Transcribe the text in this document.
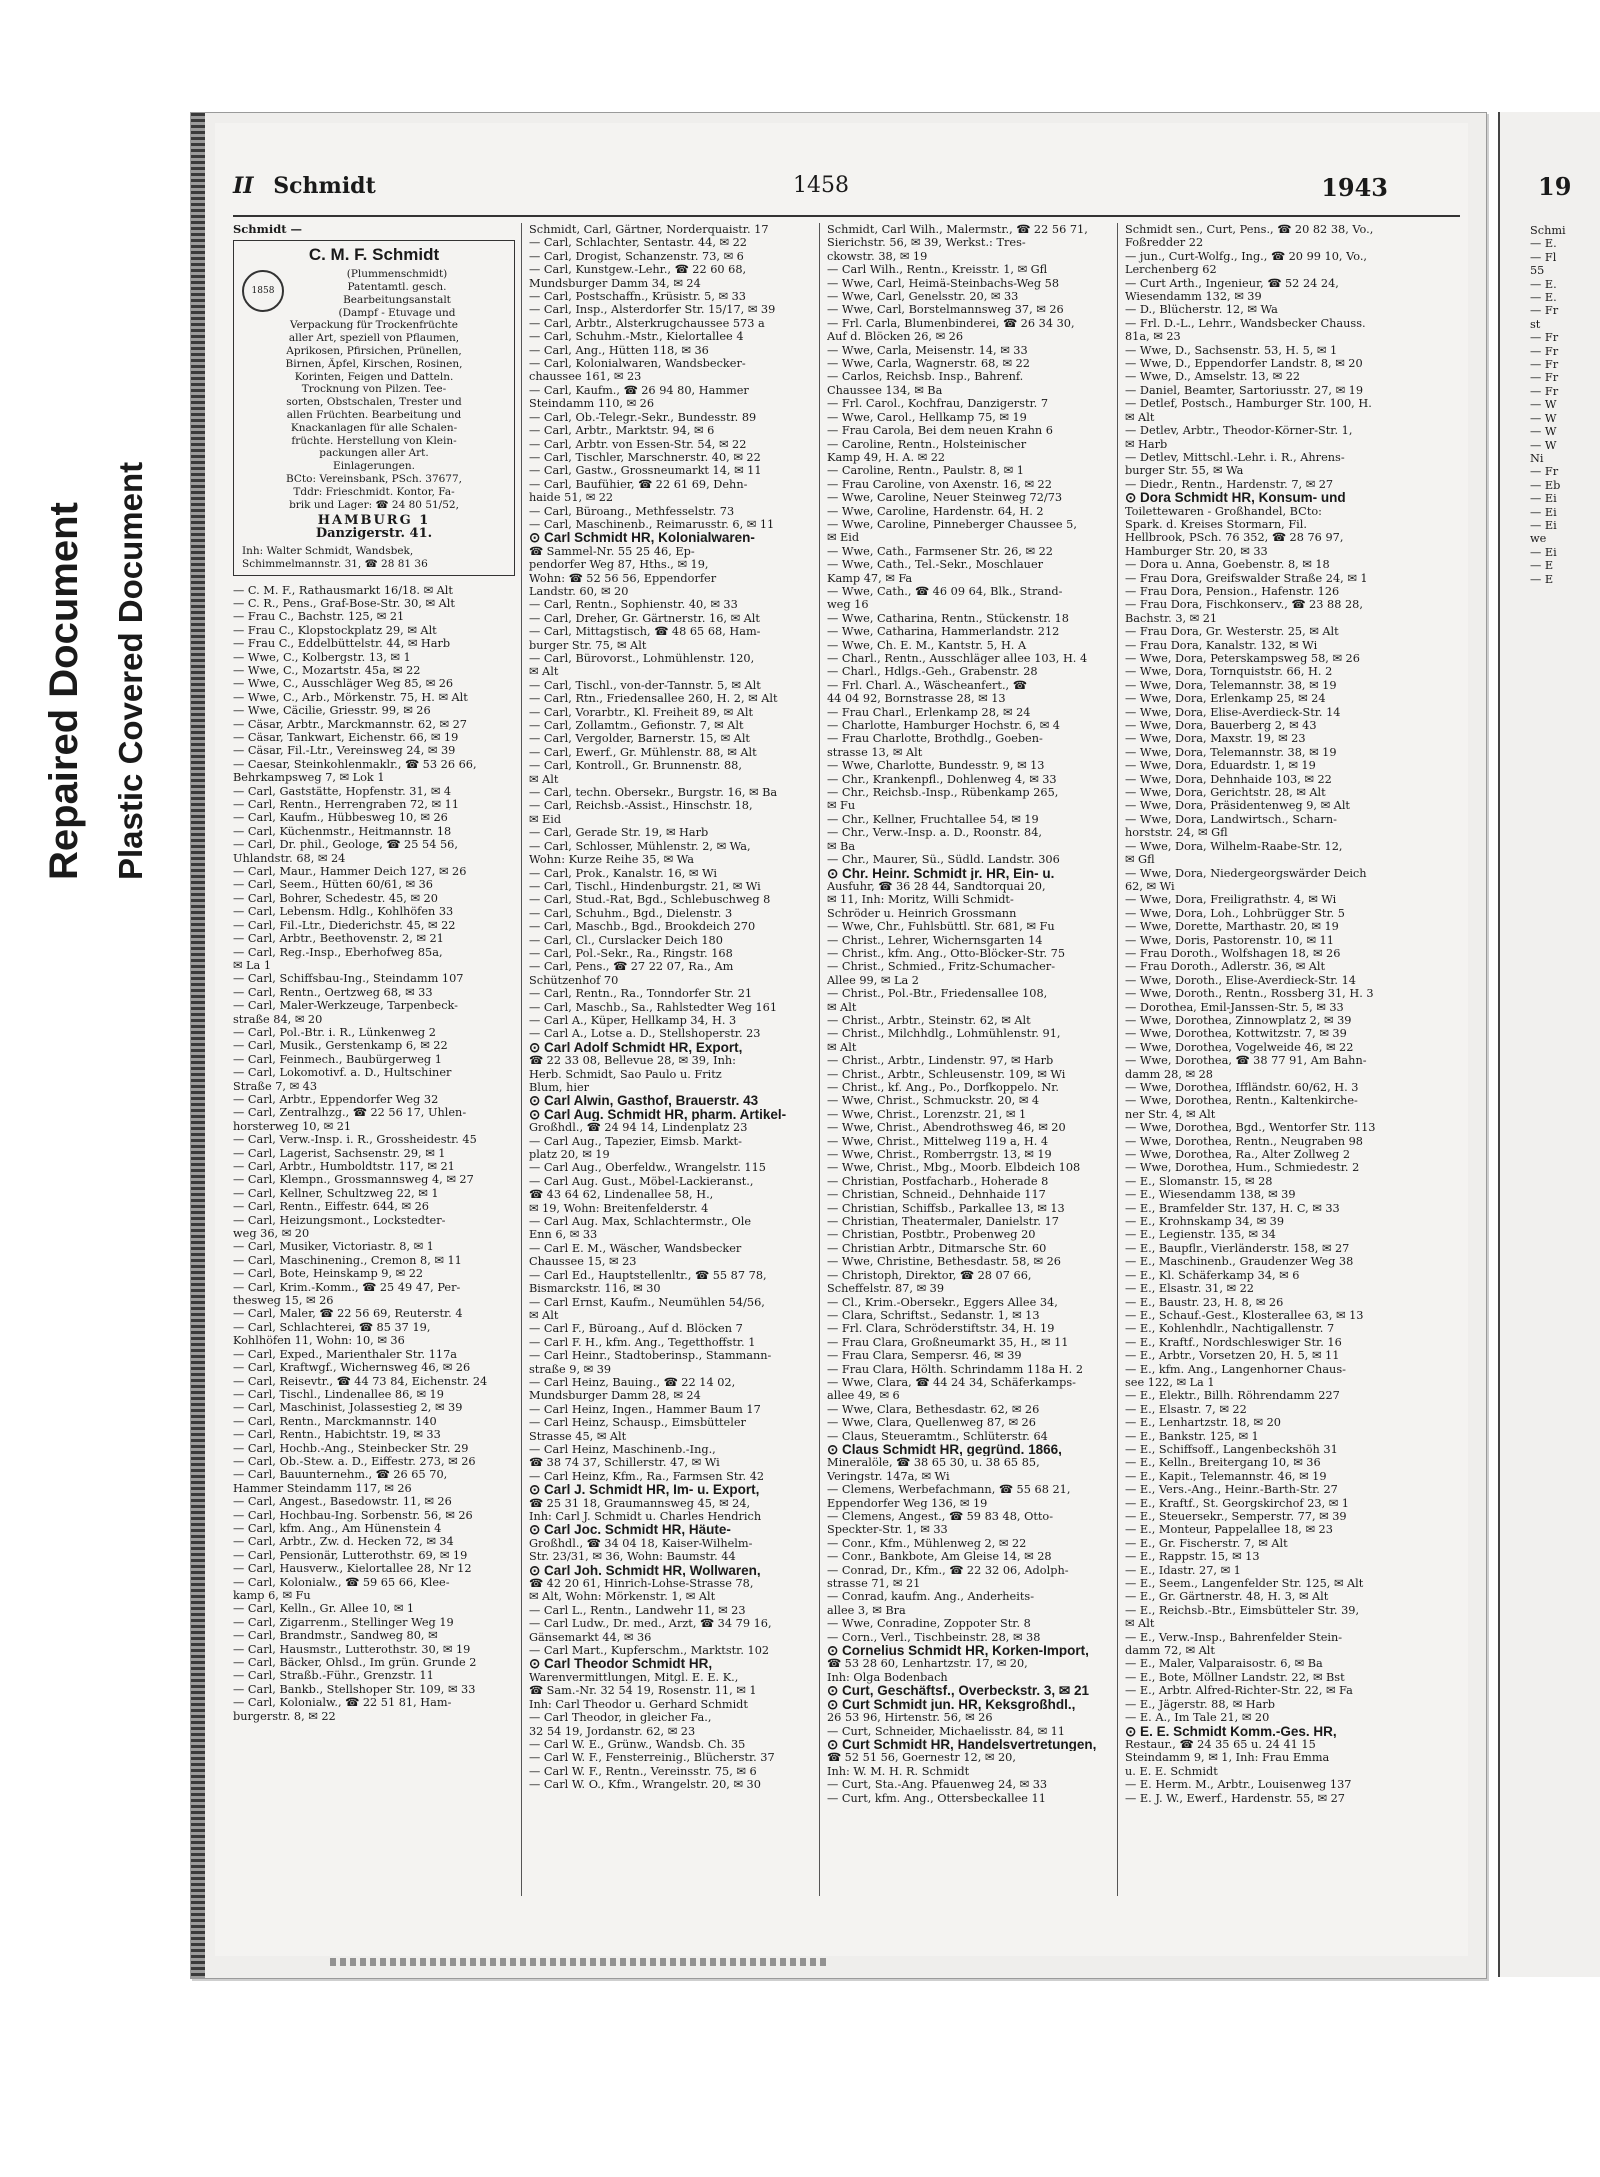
Repaired Document Plastic Covered Document
II Schmidt	1458	1943
Schmidt —
C. M. F. Schmidt
1858
(Plummenschmidt)
Patentamtl. gesch.
Bearbeitungsanstalt
(Dampf - Etuvage und
Verpackung für Trockenfrüchte
aller Art, speziell von Pflaumen,
Aprikosen, Pfirsichen, Prünellen,
Birnen, Äpfel, Kirschen, Rosinen,
Korinten, Feigen und Datteln.
Trocknung von Pilzen. Tee-
sorten, Obstschalen, Trester und
allen Früchten. Bearbeitung und
Knackanlagen für alle Schalen-
früchte. Herstellung von Klein-
packungen aller Art.
Einlagerungen.
BCto: Vereinsbank, PSch. 37677,
Tddr: Frieschmidt. Kontor, Fa-
brik und Lager: ☎ 24 80 51/52,
HAMBURG 1
Danzigerstr. 41.
Inh: Walter Schmidt, Wandsbek,
Schimmelmannstr. 31, ☎ 28 81 36
— C. M. F., Rathausmarkt 16/18. ✉ Alt
— C. R., Pens., Graf-Bose-Str. 30, ✉ Alt
— Frau C., Bachstr. 125, ✉ 21
— Frau C., Klopstockplatz 29, ✉ Alt
— Frau C., Eddelbüttelstr. 44, ✉ Harb
— Wwe, C., Kolbergstr. 13, ✉ 1
— Wwe, C., Mozartstr. 45a, ✉ 22
— Wwe, C., Ausschläger Weg 85, ✉ 26
— Wwe, C., Arb., Mörkenstr. 75, H. ✉ Alt
— Wwe, Cäcilie, Griesstr. 99, ✉ 26
— Cäsar, Arbtr., Marckmannstr. 62, ✉ 27
— Cäsar, Tankwart, Eichenstr. 66, ✉ 19
— Cäsar, Fil.-Ltr., Vereinsweg 24, ✉ 39
— Caesar, Steinkohlenmaklr., ☎ 53 26 66,
Behrkampsweg 7, ✉ Lok 1
— Carl, Gaststätte, Hopfenstr. 31, ✉ 4
— Carl, Rentn., Herrengraben 72, ✉ 11
— Carl, Kaufm., Hübbesweg 10, ✉ 26
— Carl, Küchenmstr., Heitmannstr. 18
— Carl, Dr. phil., Geologe, ☎ 25 54 56,
Uhlandstr. 68, ✉ 24
— Carl, Maur., Hammer Deich 127, ✉ 26
— Carl, Seem., Hütten 60/61, ✉ 36
— Carl, Bohrer, Schedestr. 45, ✉ 20
— Carl, Lebensm. Hdlg., Kohlhöfen 33
— Carl, Fil.-Ltr., Diederichstr. 45, ✉ 22
— Carl, Arbtr., Beethovenstr. 2, ✉ 21
— Carl, Reg.-Insp., Eberhofweg 85a,
✉ La 1
— Carl, Schiffsbau-Ing., Steindamm 107
— Carl, Rentn., Oertzweg 68, ✉ 33
— Carl, Maler-Werkzeuge, Tarpenbeck-
straße 84, ✉ 20
— Carl, Pol.-Btr. i. R., Lünkenweg 2
— Carl, Musik., Gerstenkamp 6, ✉ 22
— Carl, Feinmech., Baubürgerweg 1
— Carl, Lokomotivf. a. D., Hultschiner
Straße 7, ✉ 43
— Carl, Arbtr., Eppendorfer Weg 32
— Carl, Zentralhzg., ☎ 22 56 17, Uhlen-
horsterweg 10, ✉ 21
— Carl, Verw.-Insp. i. R., Grossheidestr. 45
— Carl, Lagerist, Sachsenstr. 29, ✉ 1
— Carl, Arbtr., Humboldtstr. 117, ✉ 21
— Carl, Klempn., Grossmannsweg 4, ✉ 27
— Carl, Kellner, Schultzweg 22, ✉ 1
— Carl, Rentn., Eiffestr. 644, ✉ 26
— Carl, Heizungsmont., Lockstedter-
weg 36, ✉ 20
— Carl, Musiker, Victoriastr. 8, ✉ 1
— Carl, Maschinening., Cremon 8, ✉ 11
— Carl, Bote, Heinskamp 9, ✉ 22
— Carl, Krim.-Komm., ☎ 25 49 47, Per-
thesweg 15, ✉ 26
— Carl, Maler, ☎ 22 56 69, Reuterstr. 4
— Carl, Schlachterei, ☎ 85 37 19,
Kohlhöfen 11, Wohn: 10, ✉ 36
— Carl, Exped., Marienthaler Str. 117a
— Carl, Kraftwgf., Wichernsweg 46, ✉ 26
— Carl, Reisevtr., ☎ 44 73 84, Eichenstr. 24
— Carl, Tischl., Lindenallee 86, ✉ 19
— Carl, Maschinist, Jolassestieg 2, ✉ 39
— Carl, Rentn., Marckmannstr. 140
— Carl, Rentn., Habichtstr. 19, ✉ 33
— Carl, Hochb.-Ang., Steinbecker Str. 29
— Carl, Ob.-Stew. a. D., Eiffestr. 273, ✉ 26
— Carl, Bauunternehm., ☎ 26 65 70,
Hammer Steindamm 117, ✉ 26
— Carl, Angest., Basedowstr. 11, ✉ 26
— Carl, Hochbau-Ing. Sorbenstr. 56, ✉ 26
— Carl, kfm. Ang., Am Hünenstein 4
— Carl, Arbtr., Zw. d. Hecken 72, ✉ 34
— Carl, Pensionär, Lutterothstr. 69, ✉ 19
— Carl, Hausverw., Kielortallee 28, Nr 12
— Carl, Kolonialw., ☎ 59 65 66, Klee-
kamp 6, ✉ Fu
— Carl, Kelln., Gr. Allee 10, ✉ 1
— Carl, Zigarrenm., Stellinger Weg 19
— Carl, Brandmstr., Sandweg 80, ✉
— Carl, Hausmstr., Lutterothstr. 30, ✉ 19
— Carl, Bäcker, Ohlsd., Im grün. Grunde 2
— Carl, Straßb.-Führ., Grenzstr. 11
— Carl, Bankb., Stellshoper Str. 109, ✉ 33
— Carl, Kolonialw., ☎ 22 51 81, Ham-
burgerstr. 8, ✉ 22
Schmidt, Carl, Gärtner, Norderquaistr. 17
— Carl, Schlachter, Sentastr. 44, ✉ 22
— Carl, Drogist, Schanzenstr. 73, ✉ 6
— Carl, Kunstgew.-Lehr., ☎ 22 60 68,
Mundsburger Damm 34, ✉ 24
— Carl, Postschaffn., Krüsistr. 5, ✉ 33
— Carl, Insp., Alsterdorfer Str. 15/17, ✉ 39
— Carl, Arbtr., Alsterkrugchaussee 573 a
— Carl, Schuhm.-Mstr., Kielortallee 4
— Carl, Ang., Hütten 118, ✉ 36
— Carl, Kolonialwaren, Wandsbecker-
chaussee 161, ✉ 23
— Carl, Kaufm., ☎ 26 94 80, Hammer
Steindamm 110, ✉ 26
— Carl, Ob.-Telegr.-Sekr., Bundesstr. 89
— Carl, Arbtr., Marktstr. 94, ✉ 6
— Carl, Arbtr. von Essen-Str. 54, ✉ 22
— Carl, Tischler, Marschnerstr. 40, ✉ 22
— Carl, Gastw., Grossneumarkt 14, ✉ 11
— Carl, Baufühier, ☎ 22 61 69, Dehn-
haide 51, ✉ 22
— Carl, Büroang., Methfesselstr. 73
— Carl, Maschinenb., Reimarusstr. 6, ✉ 11
⊙ Carl Schmidt HR, Kolonialwaren-
☎ Sammel-Nr. 55 25 46, Ep-
pendorfer Weg 87, Hths., ✉ 19,
Wohn: ☎ 52 56 56, Eppendorfer
Landstr. 60, ✉ 20
— Carl, Rentn., Sophienstr. 40, ✉ 33
— Carl, Dreher, Gr. Gärtnerstr. 16, ✉ Alt
— Carl, Mittagstisch, ☎ 48 65 68, Ham-
burger Str. 75, ✉ Alt
— Carl, Bürovorst., Lohmühlenstr. 120,
✉ Alt
— Carl, Tischl., von-der-Tannstr. 5, ✉ Alt
— Carl, Rtn., Friedensallee 260, H. 2, ✉ Alt
— Carl, Vorarbtr., Kl. Freiheit 89, ✉ Alt
— Carl, Zollamtm., Gefionstr. 7, ✉ Alt
— Carl, Vergolder, Barnerstr. 15, ✉ Alt
— Carl, Ewerf., Gr. Mühlenstr. 88, ✉ Alt
— Carl, Kontroll., Gr. Brunnenstr. 88,
✉ Alt
— Carl, techn. Obersekr., Burgstr. 16, ✉ Ba
— Carl, Reichsb.-Assist., Hinschstr. 18,
✉ Eid
— Carl, Gerade Str. 19, ✉ Harb
— Carl, Schlosser, Mühlenstr. 2, ✉ Wa,
Wohn: Kurze Reihe 35, ✉ Wa
— Carl, Prok., Kanalstr. 16, ✉ Wi
— Carl, Tischl., Hindenburgstr. 21, ✉ Wi
— Carl, Stud.-Rat, Bgd., Schlebuschweg 8
— Carl, Schuhm., Bgd., Dielenstr. 3
— Carl, Maschb., Bgd., Brookdeich 270
— Carl, Cl., Curslacker Deich 180
— Carl, Pol.-Sekr., Ra., Ringstr. 168
— Carl, Pens., ☎ 27 22 07, Ra., Am
Schützenhof 70
— Carl, Rentn., Ra., Tonndorfer Str. 21
— Carl, Maschb., Sa., Rahlstedter Weg 161
— Carl A., Küper, Hellkamp 34, H. 3
— Carl A., Lotse a. D., Stellshoperstr. 23
⊙ Carl Adolf Schmidt HR, Export,
☎ 22 33 08, Bellevue 28, ✉ 39, Inh:
Herb. Schmidt, Sao Paulo u. Fritz
Blum, hier
⊙ Carl Alwin, Gasthof, Brauerstr. 43
⊙ Carl Aug. Schmidt HR, pharm. Artikel-
Großhdl., ☎ 24 94 14, Lindenplatz 23
— Carl Aug., Tapezier, Eimsb. Markt-
platz 20, ✉ 19
— Carl Aug., Oberfeldw., Wrangelstr. 115
— Carl Aug. Gust., Möbel-Lackieranst.,
☎ 43 64 62, Lindenallee 58, H.,
✉ 19, Wohn: Breitenfelderstr. 4
— Carl Aug. Max, Schlachtermstr., Ole
Enn 6, ✉ 33
— Carl E. M., Wäscher, Wandsbecker
Chaussee 15, ✉ 23
— Carl Ed., Hauptstellenltr., ☎ 55 87 78,
Bismarckstr. 116, ✉ 30
— Carl Ernst, Kaufm., Neumühlen 54/56,
✉ Alt
— Carl F., Büroang., Auf d. Blöcken 7
— Carl F. H., kfm. Ang., Tegetthoffstr. 1
— Carl Heinr., Stadtoberinsp., Stammann-
straße 9, ✉ 39
— Carl Heinz, Bauing., ☎ 22 14 02,
Mundsburger Damm 28, ✉ 24
— Carl Heinz, Ingen., Hammer Baum 17
— Carl Heinz, Schausp., Eimsbütteler
Strasse 45, ✉ Alt
— Carl Heinz, Maschinenb.-Ing.,
☎ 38 74 37, Schillerstr. 47, ✉ Wi
— Carl Heinz, Kfm., Ra., Farmsen Str. 42
⊙ Carl J. Schmidt HR, Im- u. Export,
☎ 25 31 18, Graumannsweg 45, ✉ 24,
Inh: Carl J. Schmidt u. Charles Hendrich
⊙ Carl Joc. Schmidt HR, Häute-
Großhdl., ☎ 34 04 18, Kaiser-Wilhelm-
Str. 23/31, ✉ 36, Wohn: Baumstr. 44
⊙ Carl Joh. Schmidt HR, Wollwaren,
☎ 42 20 61, Hinrich-Lohse-Strasse 78,
✉ Alt, Wohn: Mörkenstr. 1, ✉ Alt
— Carl L., Rentn., Landwehr 11, ✉ 23
— Carl Ludw., Dr. med., Arzt, ☎ 34 79 16,
Gänsemarkt 44, ✉ 36
— Carl Mart., Kupferschm., Marktstr. 102
⊙ Carl Theodor Schmidt HR,
Warenvermittlungen, Mitgl. E. E. K.,
☎ Sam.-Nr. 32 54 19, Rosenstr. 11, ✉ 1
Inh: Carl Theodor u. Gerhard Schmidt
— Carl Theodor, in gleicher Fa.,
32 54 19, Jordanstr. 62, ✉ 23
— Carl W. E., Grünw., Wandsb. Ch. 35
— Carl W. F., Fensterreinig., Blücherstr. 37
— Carl W. F., Rentn., Vereinsstr. 75, ✉ 6
— Carl W. O., Kfm., Wrangelstr. 20, ✉ 30
Schmidt, Carl Wilh., Malermstr., ☎ 22 56 71,
Sierichstr. 56, ✉ 39, Werkst.: Tres-
ckowstr. 38, ✉ 19
— Carl Wilh., Rentn., Kreisstr. 1, ✉ Gfl
— Wwe, Carl, Heimä-Steinbachs-Weg 58
— Wwe, Carl, Genelsstr. 20, ✉ 33
— Wwe, Carl, Borstelmannsweg 37, ✉ 26
— Frl. Carla, Blumenbinderei, ☎ 26 34 30,
Auf d. Blöcken 26, ✉ 26
— Wwe, Carla, Meisenstr. 14, ✉ 33
— Wwe, Carla, Wagnerstr. 68, ✉ 22
— Carlos, Reichsb. Insp., Bahrenf.
Chaussee 134, ✉ Ba
— Frl. Carol., Kochfrau, Danzigerstr. 7
— Wwe, Carol., Hellkamp 75, ✉ 19
— Frau Carola, Bei dem neuen Krahn 6
— Caroline, Rentn., Holsteinischer
Kamp 49, H. A. ✉ 22
— Caroline, Rentn., Paulstr. 8, ✉ 1
— Frau Caroline, von Axenstr. 16, ✉ 22
— Wwe, Caroline, Neuer Steinweg 72/73
— Wwe, Caroline, Hardenstr. 64, H. 2
— Wwe, Caroline, Pinneberger Chaussee 5,
✉ Eid
— Wwe, Cath., Farmsener Str. 26, ✉ 22
— Wwe, Cath., Tel.-Sekr., Moschlauer
Kamp 47, ✉ Fa
— Wwe, Cath., ☎ 46 09 64, Blk., Strand-
weg 16
— Wwe, Catharina, Rentn., Stückenstr. 18
— Wwe, Catharina, Hammerlandstr. 212
— Wwe, Ch. E. M., Kantstr. 5, H. A
— Charl., Rentn., Ausschläger allee 103, H. 4
— Charl., Hdlgs.-Geh., Grabenstr. 28
— Frl. Charl. A., Wäscheanfert., ☎
44 04 92, Bornstrasse 28, ✉ 13
— Frau Charl., Erlenkamp 28, ✉ 24
— Charlotte, Hamburger Hochstr. 6, ✉ 4
— Frau Charlotte, Brothdlg., Goeben-
strasse 13, ✉ Alt
— Wwe, Charlotte, Bundesstr. 9, ✉ 13
— Chr., Krankenpfl., Dohlenweg 4, ✉ 33
— Chr., Reichsb.-Insp., Rübenkamp 265,
✉ Fu
— Chr., Kellner, Fruchtallee 54, ✉ 19
— Chr., Verw.-Insp. a. D., Roonstr. 84,
✉ Ba
— Chr., Maurer, Sü., Südld. Landstr. 306
⊙ Chr. Heinr. Schmidt jr. HR, Ein- u.
Ausfuhr, ☎ 36 28 44, Sandtorquai 20,
✉ 11, Inh: Moritz, Willi Schmidt-
Schröder u. Heinrich Grossmann
— Wwe, Chr., Fuhlsbüttl. Str. 681, ✉ Fu
— Christ., Lehrer, Wichernsgarten 14
— Christ., kfm. Ang., Otto-Blöcker-Str. 75
— Christ., Schmied., Fritz-Schumacher-
Allee 99, ✉ La 2
— Christ., Pol.-Btr., Friedensallee 108,
✉ Alt
— Christ., Arbtr., Steinstr. 62, ✉ Alt
— Christ., Milchhdlg., Lohmühlenstr. 91,
✉ Alt
— Christ., Arbtr., Lindenstr. 97, ✉ Harb
— Christ., Arbtr., Schleusenstr. 109, ✉ Wi
— Christ., kf. Ang., Po., Dorfkoppelo. Nr.
— Wwe, Christ., Schmuckstr. 20, ✉ 4
— Wwe, Christ., Lorenzstr. 21, ✉ 1
— Wwe, Christ., Abendrothsweg 46, ✉ 20
— Wwe, Christ., Mittelweg 119 a, H. 4
— Wwe, Christ., Romberrgstr. 13, ✉ 19
— Wwe, Christ., Mbg., Moorb. Elbdeich 108
— Christian, Postfacharb., Hoherade 8
— Christian, Schneid., Dehnhaide 117
— Christian, Schiffsb., Parkallee 13, ✉ 13
— Christian, Theatermaler, Danielstr. 17
— Christian, Postbtr., Probenweg 20
— Christian Arbtr., Ditmarsche Str. 60
— Wwe, Christine, Bethesdastr. 58, ✉ 26
— Christoph, Direktor, ☎ 28 07 66,
Scheffelstr. 87, ✉ 39
— Cl., Krim.-Obersekr., Eggers Allee 34,
— Clara, Schriftst., Sedanstr. 1, ✉ 13
— Frl. Clara, Schröderstiftstr. 34, H. 19
— Frau Clara, Großneumarkt 35, H., ✉ 11
— Frau Clara, Sempersr. 46, ✉ 39
— Frau Clara, Hölth. Schrindamm 118a H. 2
— Wwe, Clara, ☎ 44 24 34, Schäferkamps-
allee 49, ✉ 6
— Wwe, Clara, Bethesdastr. 62, ✉ 26
— Wwe, Clara, Quellenweg 87, ✉ 26
— Claus, Steueramtm., Schlüterstr. 64
⊙ Claus Schmidt HR, gegründ. 1866,
Mineralöle, ☎ 38 65 30, u. 38 65 85,
Veringstr. 147a, ✉ Wi
— Clemens, Werbefachmann, ☎ 55 68 21,
Eppendorfer Weg 136, ✉ 19
— Clemens, Angest., ☎ 59 83 48, Otto-
Speckter-Str. 1, ✉ 33
— Conr., Kfm., Mühlenweg 2, ✉ 22
— Conr., Bankbote, Am Gleise 14, ✉ 28
— Conrad, Dr., Kfm., ☎ 22 32 06, Adolph-
strasse 71, ✉ 21
— Conrad, kaufm. Ang., Anderheits-
allee 3, ✉ Bra
— Wwe, Conradine, Zoppoter Str. 8
— Corn., Verl., Tischbeinstr. 28, ✉ 38
⊙ Cornelius Schmidt HR, Korken-Import,
☎ 53 28 60, Lenhartzstr. 17, ✉ 20,
Inh: Olga Bodenbach
⊙ Curt, Geschäftsf., Overbeckstr. 3, ✉ 21
⊙ Curt Schmidt jun. HR, Keksgroßhdl.,
26 53 96, Hirtenstr. 56, ✉ 26
— Curt, Schneider, Michaelisstr. 84, ✉ 11
⊙ Curt Schmidt HR, Handelsvertretungen,
☎ 52 51 56, Goernestr 12, ✉ 20,
Inh: W. M. H. R. Schmidt
— Curt, Sta.-Ang. Pfauenweg 24, ✉ 33
— Curt, kfm. Ang., Ottersbeckallee 11
Schmidt sen., Curt, Pens., ☎ 20 82 38, Vo.,
Foßredder 22
— jun., Curt-Wolfg., Ing., ☎ 20 99 10, Vo.,
Lerchenberg 62
— Curt Arth., Ingenieur, ☎ 52 24 24,
Wiesendamm 132, ✉ 39
— D., Blücherstr. 12, ✉ Wa
— Frl. D.-L., Lehrr., Wandsbecker Chauss.
81a, ✉ 23
— Wwe, D., Sachsenstr. 53, H. 5, ✉ 1
— Wwe, D., Eppendorfer Landstr. 8, ✉ 20
— Wwe, D., Amselstr. 13, ✉ 22
— Daniel, Beamter, Sartoriusstr. 27, ✉ 19
— Detlef, Postsch., Hamburger Str. 100, H.
✉ Alt
— Detlev, Arbtr., Theodor-Körner-Str. 1,
✉ Harb
— Detlev, Mittschl.-Lehr. i. R., Ahrens-
burger Str. 55, ✉ Wa
— Diedr., Rentn., Hardenstr. 7, ✉ 27
⊙ Dora Schmidt HR, Konsum- und
Toilettewaren - Großhandel, BCto:
Spark. d. Kreises Stormarn, Fil.
Hellbrook, PSch. 76 352, ☎ 28 76 97,
Hamburger Str. 20, ✉ 33
— Dora u. Anna, Goebenstr. 8, ✉ 18
— Frau Dora, Greifswalder Straße 24, ✉ 1
— Frau Dora, Pension., Hafenstr. 126
— Frau Dora, Fischkonserv., ☎ 23 88 28,
Bachstr. 3, ✉ 21
— Frau Dora, Gr. Westerstr. 25, ✉ Alt
— Frau Dora, Kanalstr. 132, ✉ Wi
— Wwe, Dora, Peterskampsweg 58, ✉ 26
— Wwe, Dora, Tornquiststr. 66, H. 2
— Wwe, Dora, Telemannstr. 38, ✉ 19
— Wwe, Dora, Erlenkamp 25, ✉ 24
— Wwe, Dora, Elise-Averdieck-Str. 14
— Wwe, Dora, Bauerberg 2, ✉ 43
— Wwe, Dora, Maxstr. 19, ✉ 23
— Wwe, Dora, Telemannstr. 38, ✉ 19
— Wwe, Dora, Eduardstr. 1, ✉ 19
— Wwe, Dora, Dehnhaide 103, ✉ 22
— Wwe, Dora, Gerichtstr. 28, ✉ Alt
— Wwe, Dora, Präsidentenweg 9, ✉ Alt
— Wwe, Dora, Landwirtsch., Scharn-
horststr. 24, ✉ Gfl
— Wwe, Dora, Wilhelm-Raabe-Str. 12,
✉ Gfl
— Wwe, Dora, Niedergeorgswärder Deich
62, ✉ Wi
— Wwe, Dora, Freiligrathstr. 4, ✉ Wi
— Wwe, Dora, Loh., Lohbrügger Str. 5
— Wwe, Dorette, Marthastr. 20, ✉ 19
— Wwe, Doris, Pastorenstr. 10, ✉ 11
— Frau Doroth., Wolfshagen 18, ✉ 26
— Frau Doroth., Adlerstr. 36, ✉ Alt
— Wwe, Doroth., Elise-Averdieck-Str. 14
— Wwe, Doroth., Rentn., Rossberg 31, H. 3
— Dorothea, Emil-Janssen-Str. 5, ✉ 33
— Wwe, Dorothea, Zinnowplatz 2, ✉ 39
— Wwe, Dorothea, Kottwitzstr. 7, ✉ 39
— Wwe, Dorothea, Vogelweide 46, ✉ 22
— Wwe, Dorothea, ☎ 38 77 91, Am Bahn-
damm 28, ✉ 28
— Wwe, Dorothea, Iffländstr. 60/62, H. 3
— Wwe, Dorothea, Rentn., Kaltenkirche-
ner Str. 4, ✉ Alt
— Wwe, Dorothea, Bgd., Wentorfer Str. 113
— Wwe, Dorothea, Rentn., Neugraben 98
— Wwe, Dorothea, Ra., Alter Zollweg 2
— Wwe, Dorothea, Hum., Schmiedestr. 2
— E., Slomanstr. 15, ✉ 28
— E., Wiesendamm 138, ✉ 39
— E., Bramfelder Str. 137, H. C, ✉ 33
— E., Krohnskamp 34, ✉ 39
— E., Legienstr. 135, ✉ 34
— E., Baupflr., Vierländerstr. 158, ✉ 27
— E., Maschinenb., Graudenzer Weg 38
— E., Kl. Schäferkamp 34, ✉ 6
— E., Elsastr. 31, ✉ 22
— E., Baustr. 23, H. 8, ✉ 26
— E., Schauf.-Gest., Klosterallee 63, ✉ 13
— E., Kohlenhdlr., Nachtigallenstr. 7
— E., Kraftf., Nordschleswiger Str. 16
— E., Arbtr., Vorsetzen 20, H. 5, ✉ 11
— E., kfm. Ang., Langenhorner Chaus-
see 122, ✉ La 1
— E., Elektr., Billh. Röhrendamm 227
— E., Elsastr. 7, ✉ 22
— E., Lenhartzstr. 18, ✉ 20
— E., Bankstr. 125, ✉ 1
— E., Schiffsoff., Langenbeckshöh 31
— E., Kelln., Breitergang 10, ✉ 36
— E., Kapit., Telemannstr. 46, ✉ 19
— E., Vers.-Ang., Heinr.-Barth-Str. 27
— E., Kraftf., St. Georgskirchof 23, ✉ 1
— E., Steuersekr., Semperstr. 77, ✉ 39
— E., Monteur, Pappelallee 18, ✉ 23
— E., Gr. Fischerstr. 7, ✉ Alt
— E., Rappstr. 15, ✉ 13
— E., Idastr. 27, ✉ 1
— E., Seem., Langenfelder Str. 125, ✉ Alt
— E., Gr. Gärtnerstr. 48, H. 3, ✉ Alt
— E., Reichsb.-Btr., Eimsbütteler Str. 39,
✉ Alt
— E., Verw.-Insp., Bahrenfelder Stein-
damm 72, ✉ Alt
— E., Maler, Valparaisostr. 6, ✉ Ba
— E., Bote, Möllner Landstr. 22, ✉ Bst
— E., Arbtr. Alfred-Richter-Str. 22, ✉ Fa
— E., Jägerstr. 88, ✉ Harb
— E. A., Im Tale 21, ✉ 20
⊙ E. E. Schmidt Komm.-Ges. HR,
Restaur., ☎ 24 35 65 u. 24 41 15
Steindamm 9, ✉ 1, Inh: Frau Emma
u. E. E. Schmidt
— E. Herm. M., Arbtr., Louisenweg 137
— E. J. W., Ewerf., Hardenstr. 55, ✉ 27
19
Schmi
— E.
— Fl
55
— E.
— E.
— Fr
st
— Fr
— Fr
— Fr
— Fr
— Fr
— W
— W
— W
— W
Ni
— Fr
— Eb
— Ei
— Ei
— Ei
we
— Ei
— E
— E
